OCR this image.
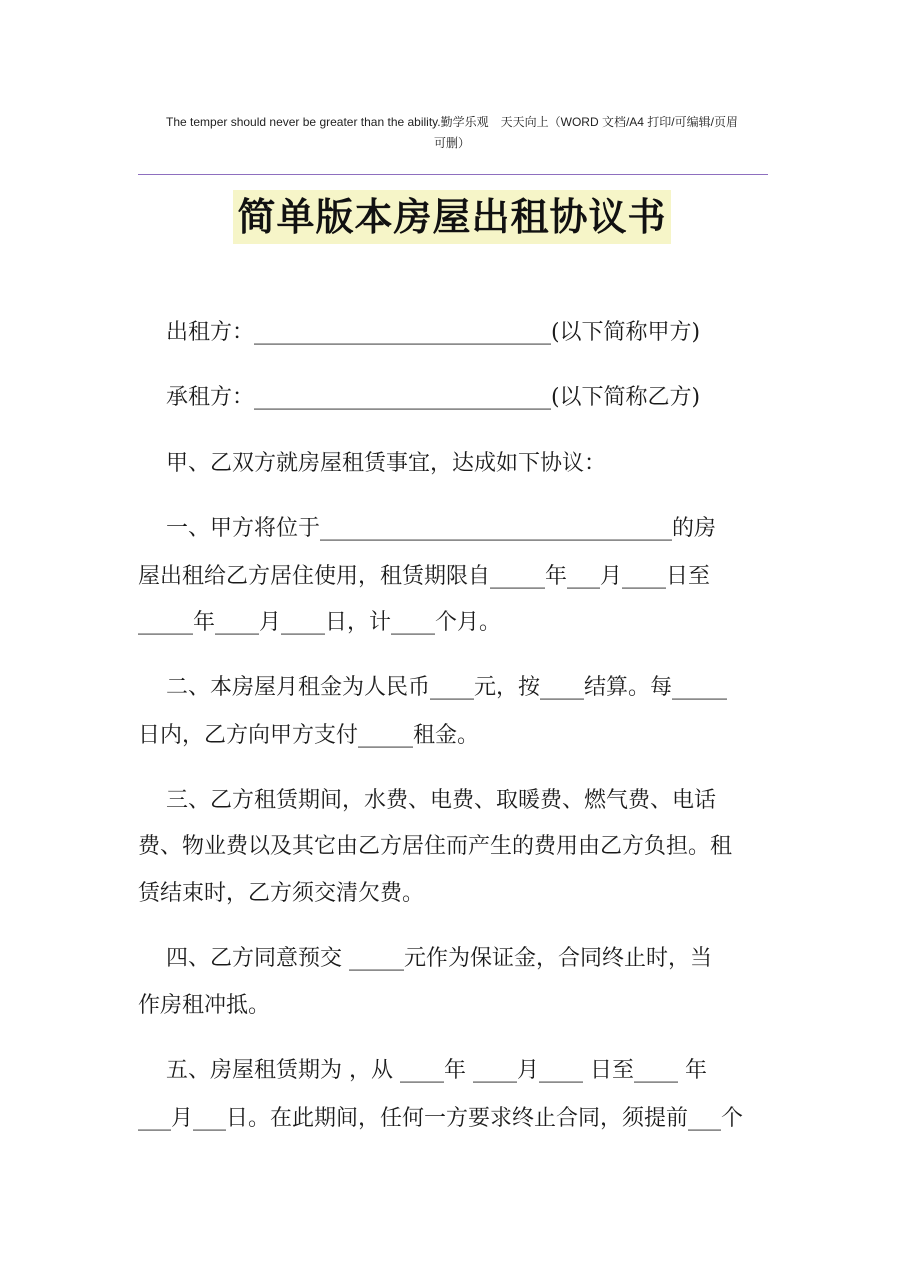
The temper should never be greater than the ability.勤学乐观　天天向上（WORD 文档/A4 打印/可编辑/页眉
可删）
简单版本房屋出租协议书
出租方：___________________________(以下简称甲方)
承租方：___________________________(以下简称乙方)
甲、乙双方就房屋租赁事宜，达成如下协议：
一、甲方将位于________________________________的房
屋出租给乙方居住使用，租赁期限自_____年___月____日至
_____年____月____日，计____个月。
二、本房屋月租金为人民币____元，按____结算。每_____
日内，乙方向甲方支付_____租金。
三、乙方租赁期间，水费、电费、取暖费、燃气费、电话
费、物业费以及其它由乙方居住而产生的费用由乙方负担。租
赁结束时，乙方须交清欠费。
四、乙方同意预交 _____元作为保证金，合同终止时，当
作房租冲抵。
五、房屋租赁期为 ，从 ____年 ____月____ 日至____ 年
___月___日。在此期间，任何一方要求终止合同，须提前___个
